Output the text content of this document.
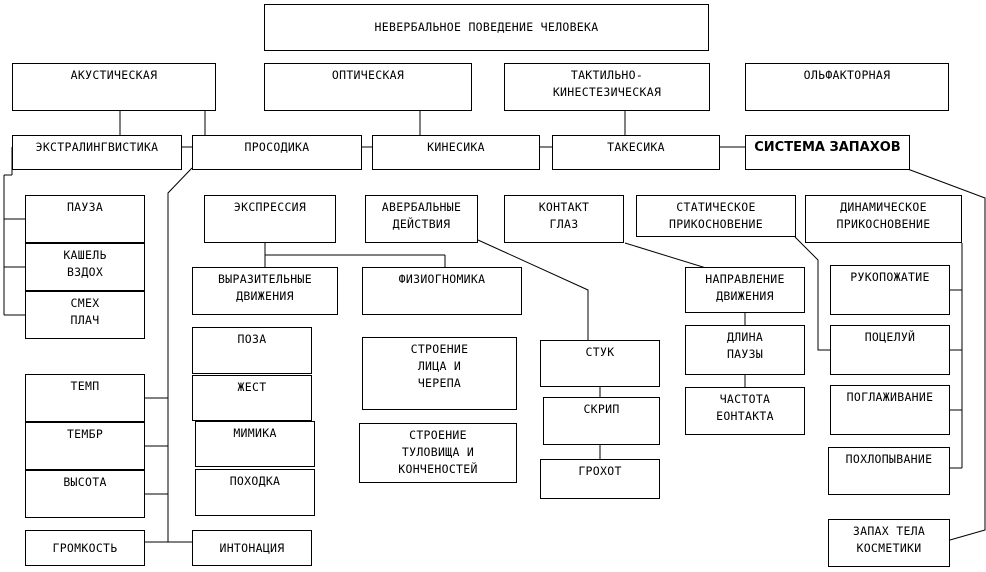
НЕВЕРБАЛЬНОЕ ПОВЕДЕНИЕ ЧЕЛОВЕКА
АКУСТИЧЕСКАЯ	ОПТИЧЕСКАЯ	ТАКТИЛЬНО-
КИНЕСТЕЗИЧЕСКАЯ
ОЛЬФАКТОРНАЯ
ЭКСТРАЛИНГВИСТИКА	ПРОСОДИКА	КИНЕСИКА	ТАКЕСИКА	СИСТЕМА ЗАПАХОВ
ПАУЗА
КАШЕЛЬ
ВЗДОХ
СМЕХ
ПЛАЧ
ТЕМП
ТЕМБР
ВЫСОТА
ГРОМКОСТЬ	ИНТОНАЦИЯ
ЭКСПРЕССИЯ
ВЫРАЗИТЕЛЬНЫЕ
ДВИЖЕНИЯ
ФИЗИОГНОМИКА
ПОЗА
ЖЕСТ
МИМИКА
ПОХОДКА
СТРОЕНИЕ
ЛИЦА И
ЧЕРЕПА
СТРОЕНИЕ
ТУЛОВИЩА И
КОНЧЕНОСТЕЙ
АВЕРБАЛЬНЫЕ
ДЕЙСТВИЯ
СТУК
СКРИП
ГРОХОТ
КОНТАКТ
ГЛАЗ
НАПРАВЛЕНИЕ
ДВИЖЕНИЯ
ДЛИНА
ПАУЗЫ
ЧАСТОТА
ЕОНТАКТА
СТАТИЧЕСКОЕ
ПРИКОСНОВЕНИЕ
ДИНАМИЧЕСКОЕ
ПРИКОСНОВЕНИЕ
РУКОПОЖАТИЕ
ПОЦЕЛУЙ
ПОГЛАЖИВАНИЕ
ПОХЛОПЫВАНИЕ
ЗАПАХ ТЕЛА
КОСМЕТИКИ
